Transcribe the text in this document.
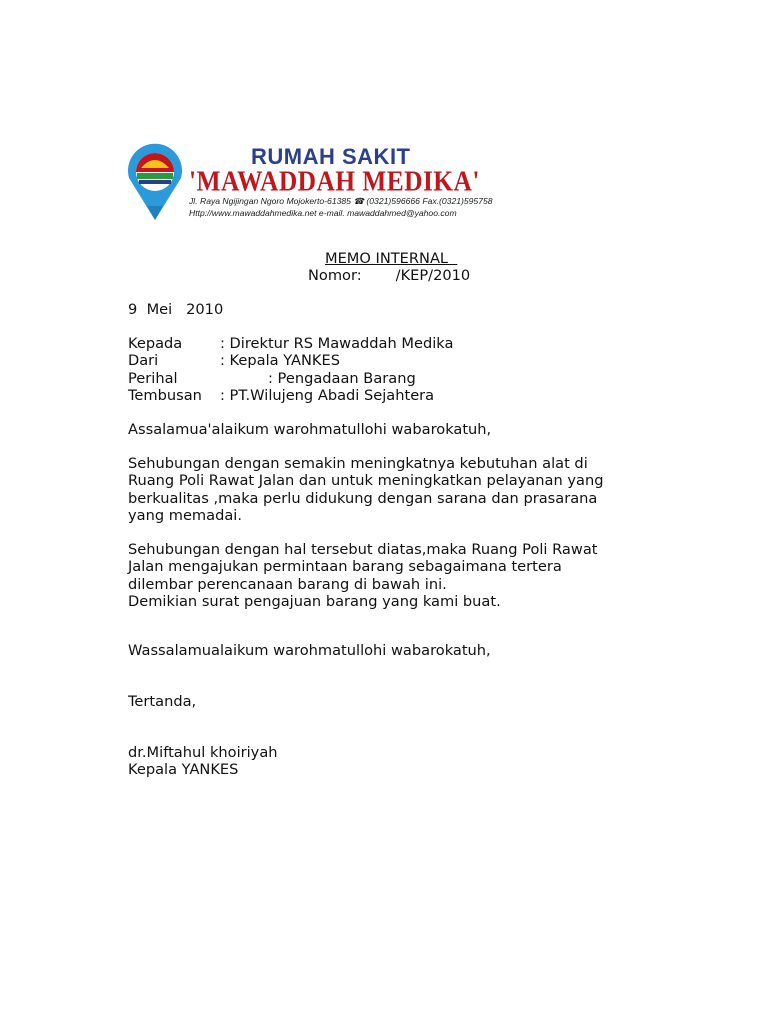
RUMAH SAKIT
'MAWADDAH MEDIKA'
Jl. Raya Ngijingan Ngoro Mojokerto-61385 ☎ (0321)596666 Fax.(0321)595758
Http://www.mawaddahmedika.net e-mail. mawaddahmed@yahoo.com
MEMO INTERNAL
Nomor: /KEP/2010
9  Mei   2010
Kepada	: Direktur RS Mawaddah Medika
Dari	: Kepala YANKES
Perihal	: Pengadaan Barang
Tembusan : PT.Wilujeng Abadi Sejahtera
Assalamua'alaikum warohmatullohi wabarokatuh,
Sehubungan dengan semakin meningkatnya kebutuhan alat di
Ruang Poli Rawat Jalan dan untuk meningkatkan pelayanan yang
berkualitas ,maka perlu didukung dengan sarana dan prasarana
yang memadai.
Sehubungan dengan hal tersebut diatas,maka Ruang Poli Rawat
Jalan mengajukan permintaan barang sebagaimana tertera
dilembar perencanaan barang di bawah ini.
Demikian surat pengajuan barang yang kami buat.
Wassalamualaikum warohmatullohi wabarokatuh,
Tertanda,
dr.Miftahul khoiriyah
Kepala YANKES
